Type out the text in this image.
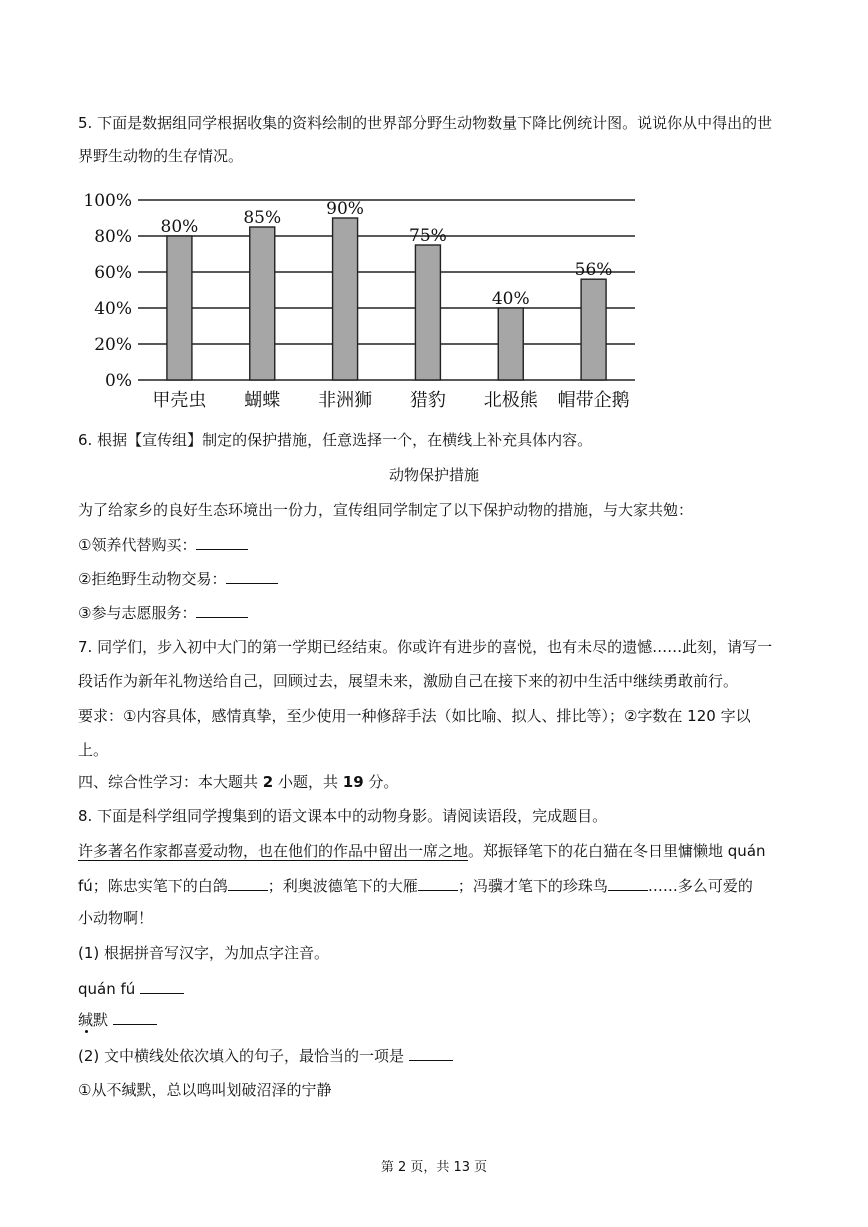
5. 下面是数据组同学根据收集的资料绘制的世界部分野生动物数量下降比例统计图。说说你从中得出的世
界野生动物的生存情况。
0%
20%
40%
60%
80%
100%
80%	85%	90%
75%
40%
56%
甲壳虫 蝴蝶 非洲狮 猎豹 北极熊 帽带企鹅
6. 根据【宣传组】制定的保护措施，任意选择一个，在横线上补充具体内容。
动物保护措施
为了给家乡的良好生态环境出一份力，宣传组同学制定了以下保护动物的措施，与大家共勉：
①领养代替购买：
②拒绝野生动物交易：
③参与志愿服务：
7. 同学们，步入初中大门的第一学期已经结束。你或许有进步的喜悦，也有未尽的遗憾……此刻，请写一
段话作为新年礼物送给自己，回顾过去，展望未来，激励自己在接下来的初中生活中继续勇敢前行。
要求：①内容具体，感情真挚，至少使用一种修辞手法（如比喻、拟人、排比等）；②字数在 120 字以
上。
四、综合性学习：本大题共 2 小题，共 19 分。
8. 下面是科学组同学搜集到的语文课本中的动物身影。请阅读语段，完成题目。
许多著名作家都喜爱动物，也在他们的作品中留出一席之地。郑振铎笔下的花白猫在冬日里慵懒地 quán
fú；陈忠实笔下的白鸽	；利奥波德笔下的大雁	；冯骥才笔下的珍珠鸟	……多么可爱的
小动物啊！
(1) 根据拼音写汉字，为加点字注音。
quán fú
缄默
(2) 文中横线处依次填入的句子，最恰当的一项是
①从不缄默，总以鸣叫划破沼泽的宁静
第 2 页，共 13 页
